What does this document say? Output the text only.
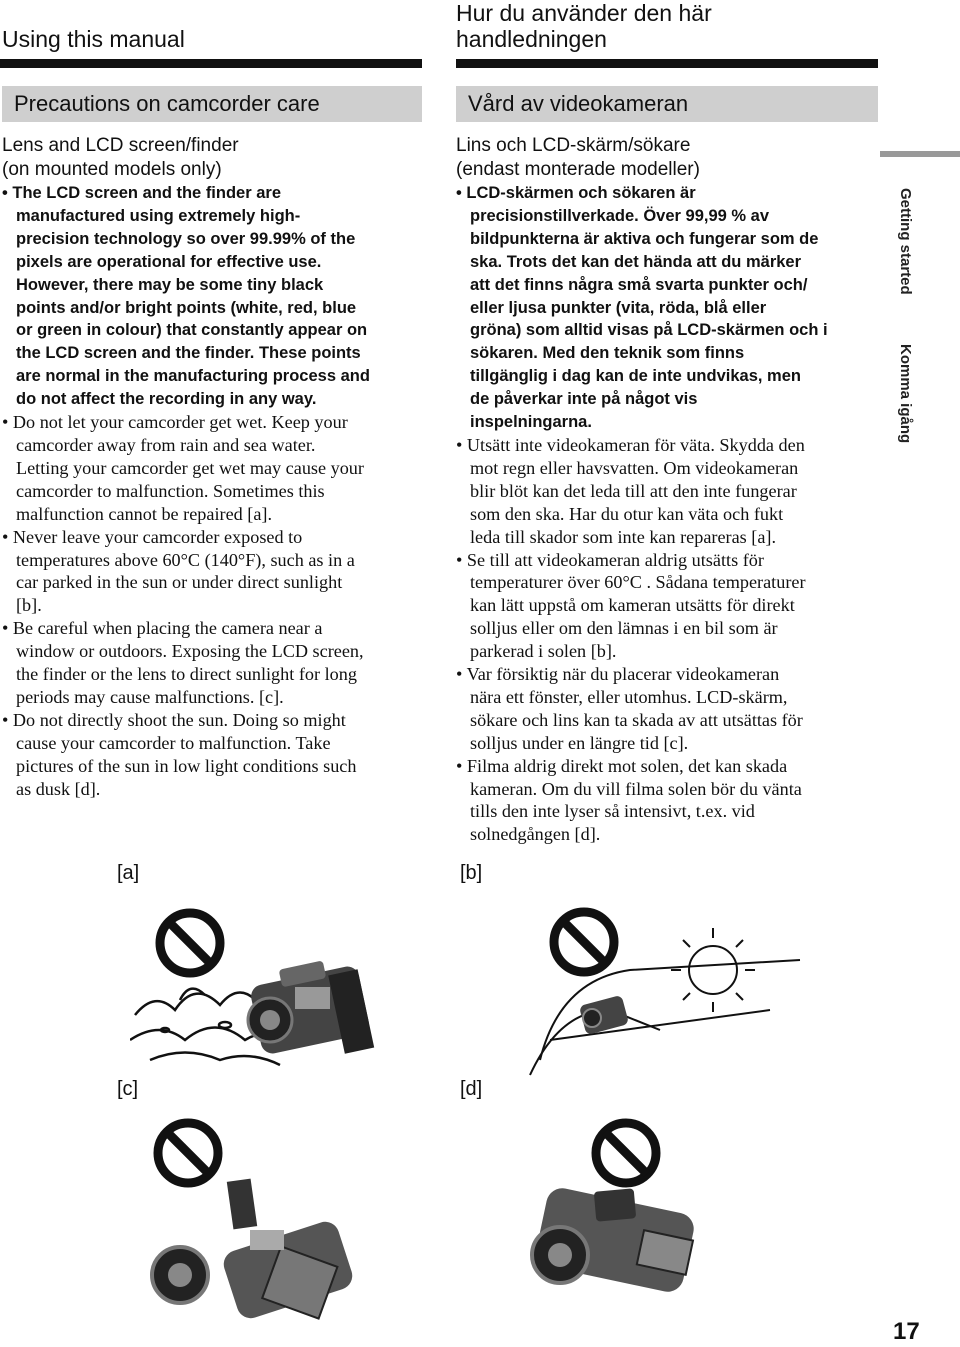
Using this manual
Hur du använder den här
handledningen
Precautions on camcorder care	Vård av videokameran
Lens and LCD screen/finder
(on mounted models only)
• The LCD screen and the finder are
manufactured using extremely high-
precision technology so over 99.99% of the
pixels are operational for effective use.
However, there may be some tiny black
points and/or bright points (white, red, blue
or green in colour) that constantly appear on
the LCD screen and the finder. These points
are normal in the manufacturing process and
do not affect the recording in any way.
• Do not let your camcorder get wet. Keep your
camcorder away from rain and sea water.
Letting your camcorder get wet may cause your
camcorder to malfunction. Sometimes this
malfunction cannot be repaired [a].
• Never leave your camcorder exposed to
temperatures above 60°C (140°F), such as in a
car parked in the sun or under direct sunlight
[b].
• Be careful when placing the camera near a
window or outdoors. Exposing the LCD screen,
the finder or the lens to direct sunlight for long
periods may cause malfunctions. [c].
• Do not directly shoot the sun. Doing so might
cause your camcorder to malfunction. Take
pictures of the sun in low light conditions such
as dusk [d].
Lins och LCD-skärm/sökare
(endast monterade modeller)
• LCD-skärmen och sökaren är
precisionstillverkade. Över 99,99 % av
bildpunkterna är aktiva och fungerar som de
ska. Trots det kan det hända att du märker
att det finns några små svarta punkter och/
eller ljusa punkter (vita, röda, blå eller
gröna) som alltid visas på LCD-skärmen och i
sökaren. Med den teknik som finns
tillgänglig i dag kan de inte undvikas, men
de påverkar inte på något vis
inspelningarna.
• Utsätt inte videokameran för väta. Skydda den
mot regn eller havsvatten. Om videokameran
blir blöt kan det leda till att den inte fungerar
som den ska. Har du otur kan väta och fukt
leda till skador som inte kan repareras [a].
• Se till att videokameran aldrig utsätts för
temperaturer över 60°C . Sådana temperaturer
kan lätt uppstå om kameran utsätts för direkt
solljus eller om den lämnas i en bil som är
parkerad i solen [b].
• Var försiktig när du placerar videokameran
nära ett fönster, eller utomhus. LCD-skärm,
sökare och lins kan ta skada av att utsättas för
solljus under en längre tid [c].
• Filma aldrig direkt mot solen, det kan skada
kameran. Om du vill filma solen bör du vänta
tills den inte lyser så intensivt, t.ex. vid
solnedgången [d].
Getting started
Komma igång
[a]	[b]
[c]	[d]
17
